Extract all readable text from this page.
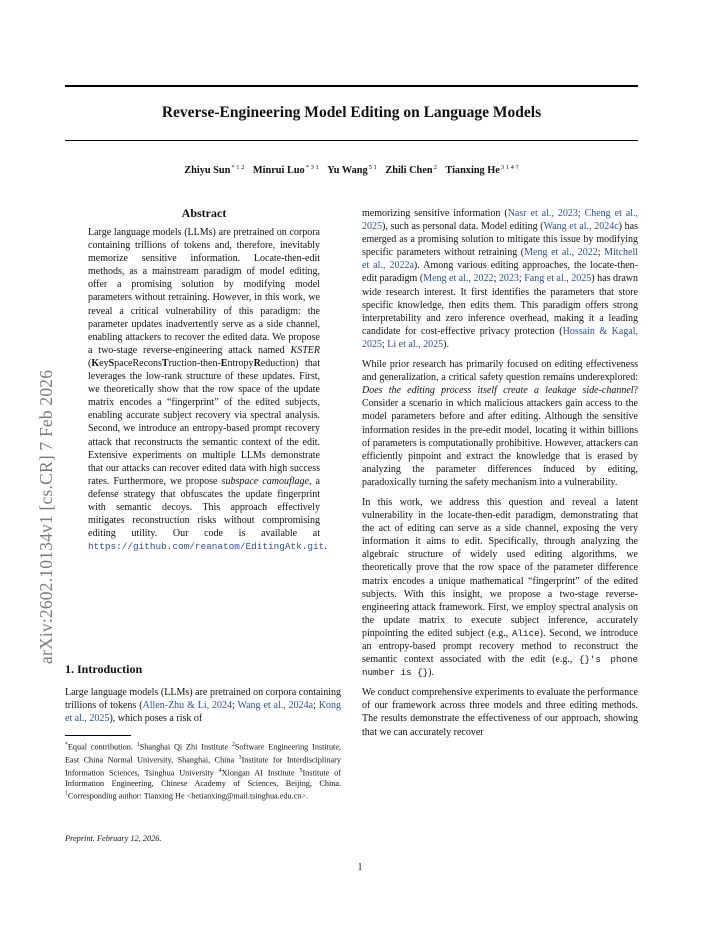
arXiv:2602.10134v1 [cs.CR] 7 Feb 2026
Reverse-Engineering Model Editing on Language Models
Zhiyu Sun$^{* 1 2}$ Minrui Luo$^{* 3 1}$ Yu Wang$^{5 1}$ Zhili Chen$^2$ Tianxing $He^{3 1 4 \dagger}$
Abstract
Large language models (LLMs) are pretrained on corpora containing trillions of tokens and, therefore, inevitably memorize sensitive information. Locate-then-edit methods, as a mainstream paradigm of model editing, offer a promising solution by modifying model parameters without retraining. However, in this work, we reveal a critical vulnerability of this paradigm: the parameter updates inadvertently serve as a side channel, enabling attackers to recover the edited data. We propose a two-stage reverse-engineering attack named KSTER (KeySpaceReconsTruction-then-EntropyReduction) that leverages the low-rank structure of these updates. First, we theoretically show that the row space of the update matrix encodes a “fingerprint” of the edited subjects, enabling accurate subject recovery via spectral analysis. Second, we introduce an entropy-based prompt recovery attack that reconstructs the semantic context of the edit. Extensive experiments on multiple LLMs demonstrate that our attacks can recover edited data with high success rates. Furthermore, we propose subspace camouflage, a defense strategy that obfuscates the update fingerprint with semantic decoys. This approach effectively mitigates reconstruction risks without compromising editing utility. Our code is available at https://github.com/reanatom/EditingAtk.git.
1. Introduction
Large language models (LLMs) are pretrained on corpora containing trillions of tokens (Allen-Zhu & Li, 2024; Wang et al., 2024a; Kong et al., 2025), which poses a risk of
*Equal contribution. $^1$Shanghai Qi Zhi Institute $^2$Software Engineering Institute, East China Normal University, Shanghai, China $^3$Institute for Interdisciplinary Information Sciences, Tsinghua University $^4$Xiongan AI Institute $^5$Institute of Information Engineering, Chinese Academy of Sciences, Beijing, China. †Corresponding author: Tianxing He <hetianxing@mail.tsinghua.edu.cn>.
Preprint. February 12, 2026.

memorizing sensitive information (Nasr et al., 2023; Cheng et al., 2025), such as personal data. Model editing (Wang et al., 2024c) has emerged as a promising solution to mitigate this issue by modifying specific parameters without retraining (Meng et al., 2022; Mitchell et al., 2022a). Among various editing approaches, the locate-then-edit paradigm (Meng et al., 2022; 2023; Fang et al., 2025) has drawn wide research interest. It first identifies the parameters that store specific knowledge, then edits them. This paradigm offers strong interpretability and zero inference overhead, making it a leading candidate for cost-effective privacy protection (Hossain & Kagal, 2025; Li et al., 2025).

While prior research has primarily focused on editing effectiveness and generalization, a critical safety question remains underexplored: Does the editing process itself create a leakage side-channel? Consider a scenario in which malicious attackers gain access to the model parameters before and after editing. Although the sensitive information resides in the pre-edit model, locating it within billions of parameters is computationally prohibitive. However, attackers can efficiently pinpoint and extract the knowledge that is erased by analyzing the parameter differences induced by editing, paradoxically turning the safety mechanism into a vulnerability.

In this work, we address this question and reveal a latent vulnerability in the locate-then-edit paradigm, demonstrating that the act of editing can serve as a side channel, exposing the very information it aims to edit. Specifically, through analyzing the algebraic structure of widely used editing algorithms, we theoretically prove that the row space of the parameter difference matrix encodes a unique mathematical “fingerprint” of the edited subjects. With this insight, we propose a two-stage reverse-engineering attack framework. First, we employ spectral analysis on the update matrix to execute subject inference, accurately pinpointing the edited subject (e.g., Alice). Second, we introduce an entropy-based prompt recovery method to reconstruct the semantic context associated with the edit (e.g., {}'s phone number is {}).

We conduct comprehensive experiments to evaluate the performance of our framework across three models and three editing methods. The results demonstrate the effectiveness of our approach, showing that we can accurately recover

1
